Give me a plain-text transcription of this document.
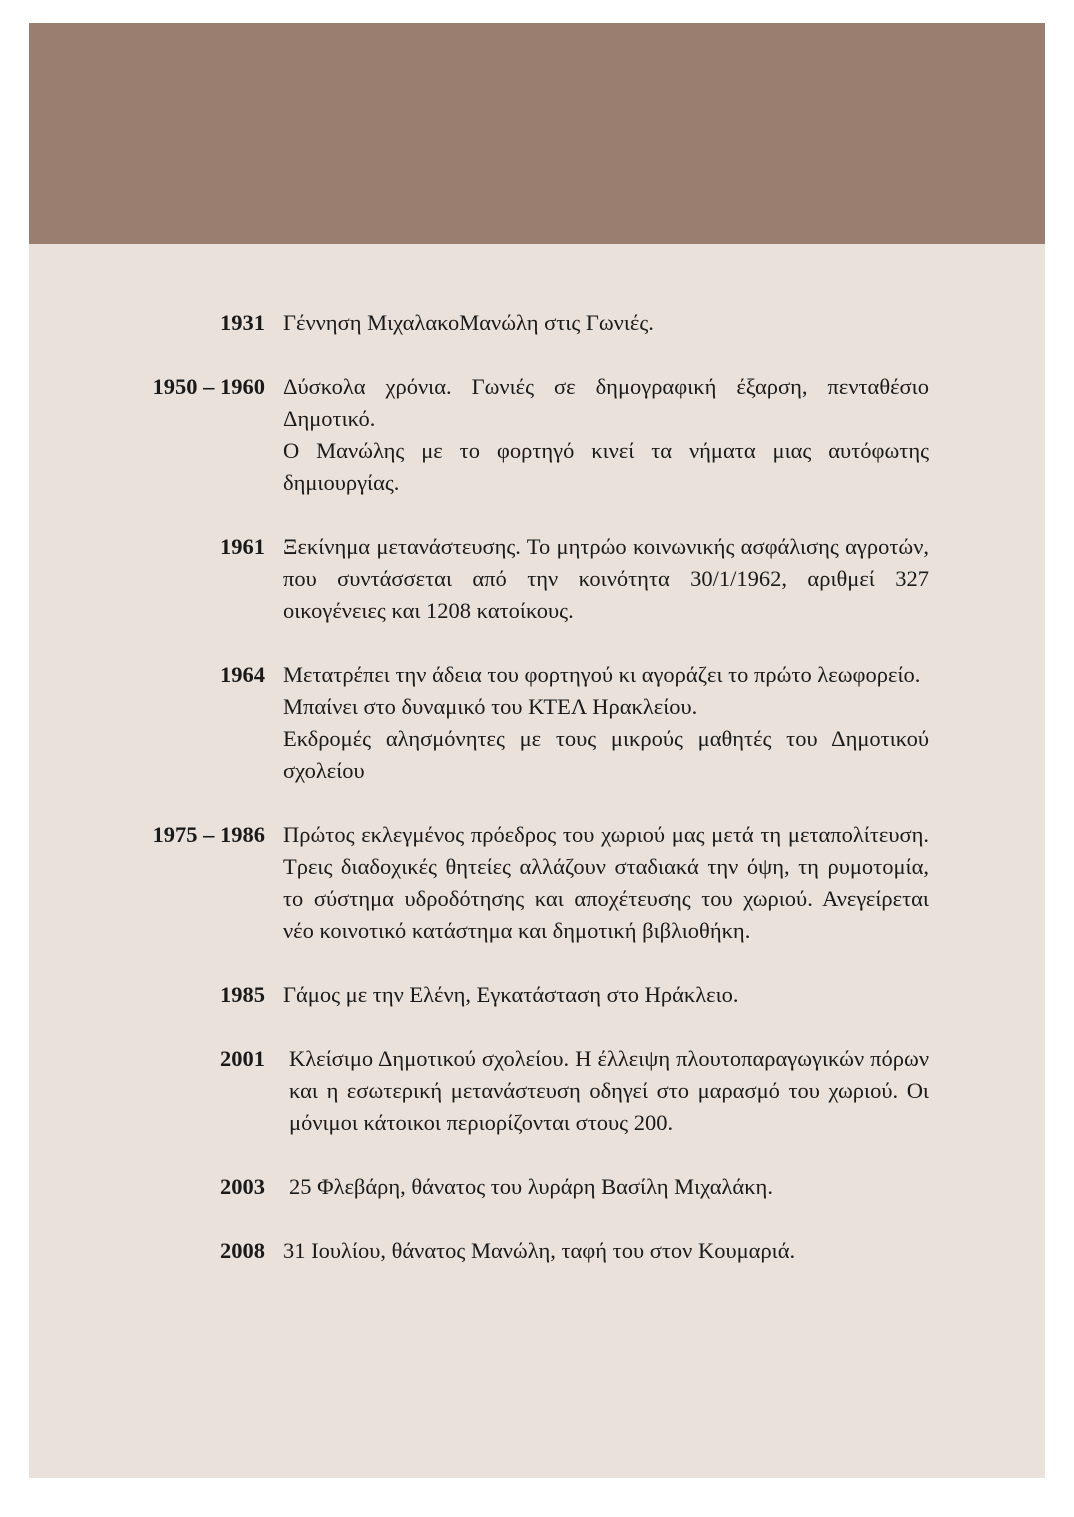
1931 Γέννηση ΜιχαλακοΜανώλη στις Γωνιές.

1950 – 1960 Δύσκολα χρόνια. Γωνιές σε δημογραφική έξαρση, πενταθέσιο Δημοτικό.

Ο Μανώλης με το φορτηγό κινεί τα νήματα μιας αυτόφωτης δημιουργίας.

1961 Ξεκίνημα μετανάστευσης. Το μητρώο κοινωνικής ασφάλισης αγροτών, που συντάσσεται από την κοινότητα 30/1/1962, αριθμεί 327 οικογένειες και 1208 κατοίκους.

1964 Μετατρέπει την άδεια του φορτηγού κι αγοράζει το πρώτο λεωφορείο.

Μπαίνει στο δυναμικό του ΚΤΕΛ Ηρακλείου.

Εκδρομές αλησμόνητες με τους μικρούς μαθητές του Δημοτικού σχολείου

1975 – 1986 Πρώτος εκλεγμένος πρόεδρος του χωριού μας μετά τη μεταπολίτευση. Τρεις διαδοχικές θητείες αλλάζουν σταδιακά την όψη, τη ρυμοτομία, το σύστημα υδροδότησης και αποχέτευσης του χωριού. Ανεγείρεται νέο κοινοτικό κατάστημα και δημοτική βιβλιοθήκη.

1985 Γάμος με την Ελένη, Εγκατάσταση στο Ηράκλειο.

2001 Κλείσιμο Δημοτικού σχολείου. Η έλλειψη πλουτοπαραγωγικών πόρων και η εσωτερική μετανάστευση οδηγεί στο μαρασμό του χωριού. Οι μόνιμοι κάτοικοι περιορίζονται στους 200.

2003 25 Φλεβάρη, θάνατος του λυράρη Βασίλη Μιχαλάκη.

2008 31 Ιουλίου, θάνατος Μανώλη, ταφή του στον Κουμαριά.
